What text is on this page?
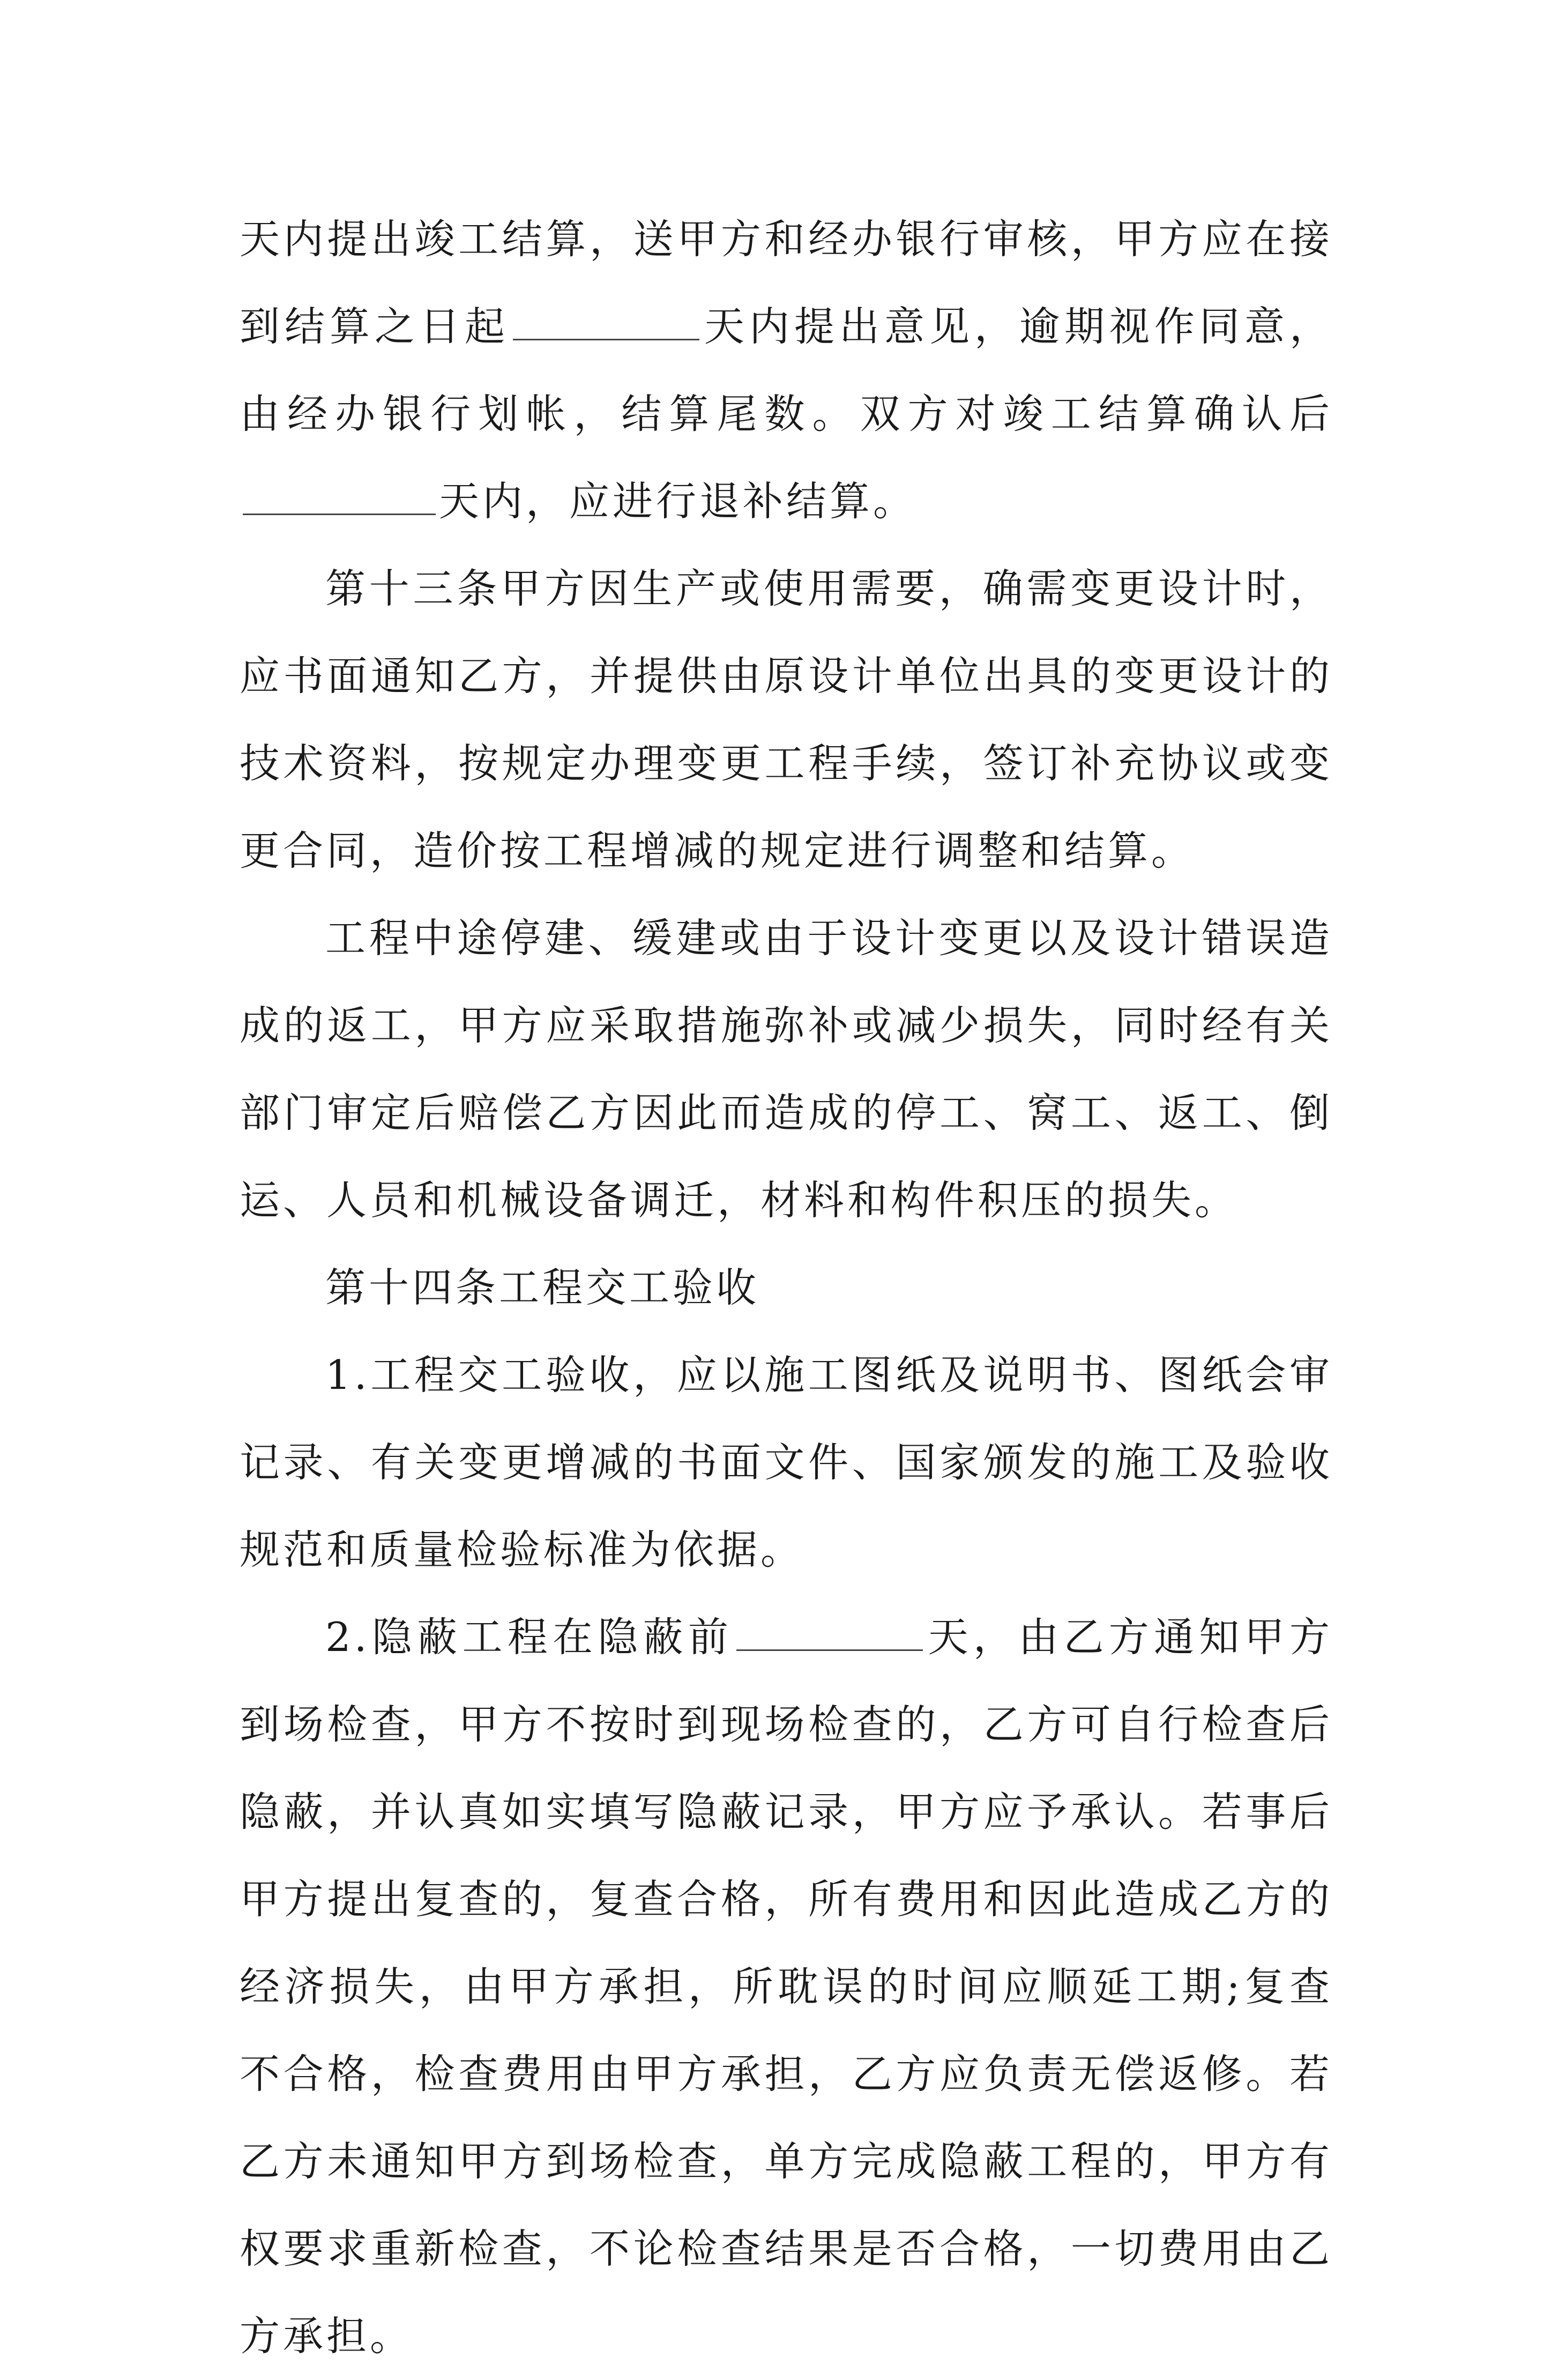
天内提出竣工结算，送甲方和经办银行审核，甲方应在接到结算之日起	天内提出意见，逾期视作同意，由经办银行划帐，结算尾数。双方对竣工结算确认后天内，应进行退补结算。

第十三条甲方因生产或使用需要，确需变更设计时，应书面通知乙方，并提供由原设计单位出具的变更设计的技术资料，按规定办理变更工程手续，签订补充协议或变更合同，造价按工程增减的规定进行调整和结算。

工程中途停建、缓建或由于设计变更以及设计错误造成的返工，甲方应采取措施弥补或减少损失，同时经有关部门审定后赔偿乙方因此而造成的停工、窝工、返工、倒运、人员和机械设备调迁，材料和构件积压的损失。

第十四条工程交工验收

1.工程交工验收，应以施工图纸及说明书、图纸会审记录、有关变更增减的书面文件、国家颁发的施工及验收规范和质量检验标准为依据。

2.隐蔽工程在隐蔽前	天，由乙方通知甲方到场检查，甲方不按时到现场检查的，乙方可自行检查后隐蔽，并认真如实填写隐蔽记录，甲方应予承认。若事后甲方提出复查的，复查合格，所有费用和因此造成乙方的经济损失，由甲方承担，所耽误的时间应顺延工期;复查不合格，检查费用由甲方承担，乙方应负责无偿返修。若乙方未通知甲方到场检查，单方完成隐蔽工程的，甲方有权要求重新检查，不论检查结果是否合格，一切费用由乙方承担。
